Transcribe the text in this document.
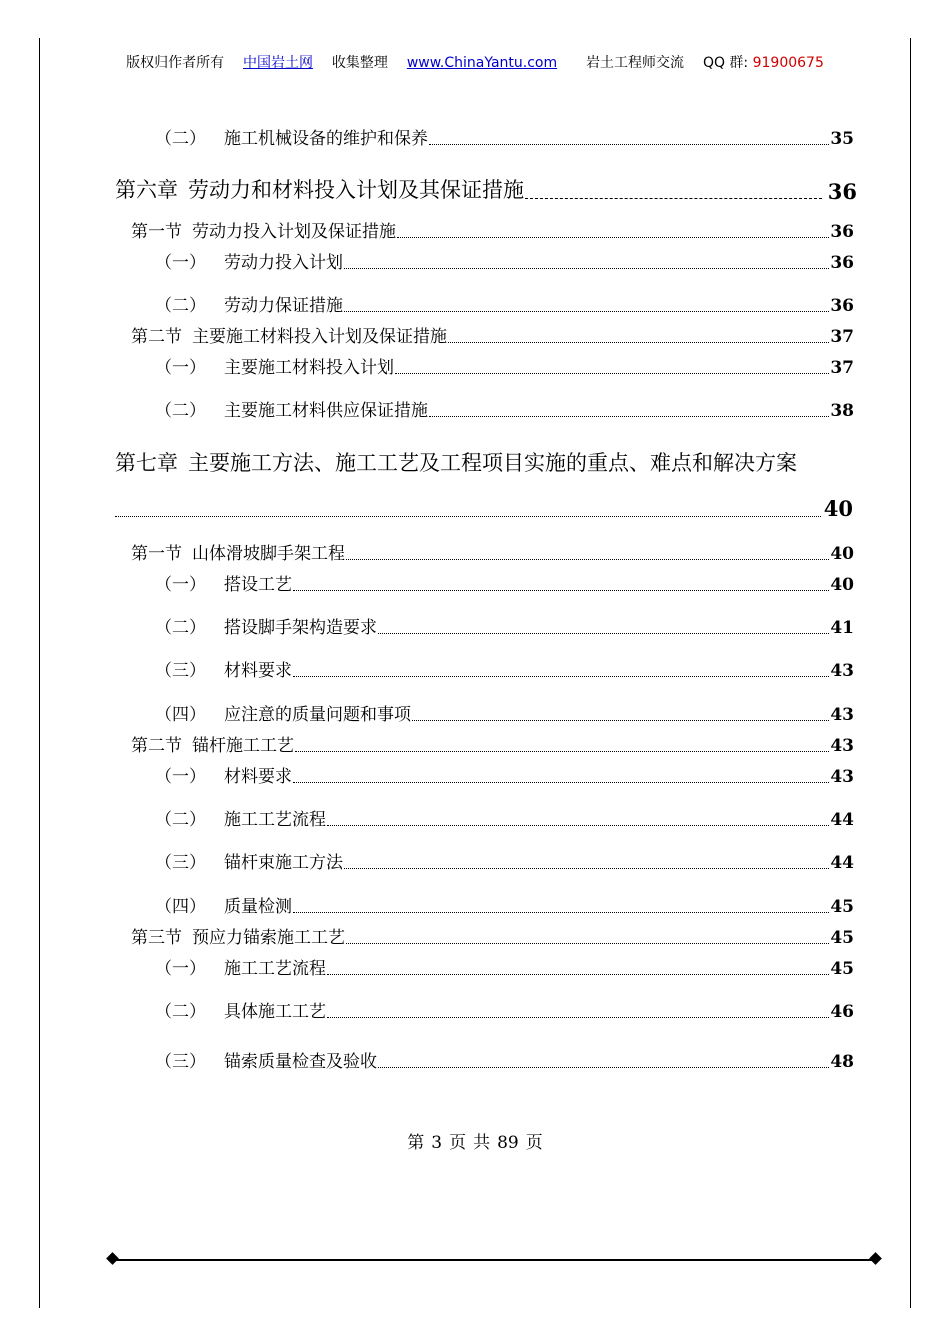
版权归作者所有 中国岩土网 收集整理 www.ChinaYantu.com 岩土工程师交流 QQ 群: 91900675
（二） 施工机械设备的维护和保养	35
第六章 劳动力和材料投入计划及其保证措施	36
第一节 劳动力投入计划及保证措施	36
（一） 劳动力投入计划	36
（二） 劳动力保证措施	36
第二节 主要施工材料投入计划及保证措施	37
（一） 主要施工材料投入计划	37
（二） 主要施工材料供应保证措施	38
第七章 主要施工方法、施工工艺及工程项目实施的重点、难点和解决方案
40
第一节 山体滑坡脚手架工程	40
（一） 搭设工艺	40
（二） 搭设脚手架构造要求	41
（三） 材料要求	43
（四） 应注意的质量问题和事项	43
第二节 锚杆施工工艺	43
（一） 材料要求	43
（二） 施工工艺流程	44
（三） 锚杆束施工方法	44
（四） 质量检测	45
第三节 预应力锚索施工工艺	45
（一） 施工工艺流程	45
（二） 具体施工工艺	46
（三） 锚索质量检查及验收	48
第 3 页 共 89 页
